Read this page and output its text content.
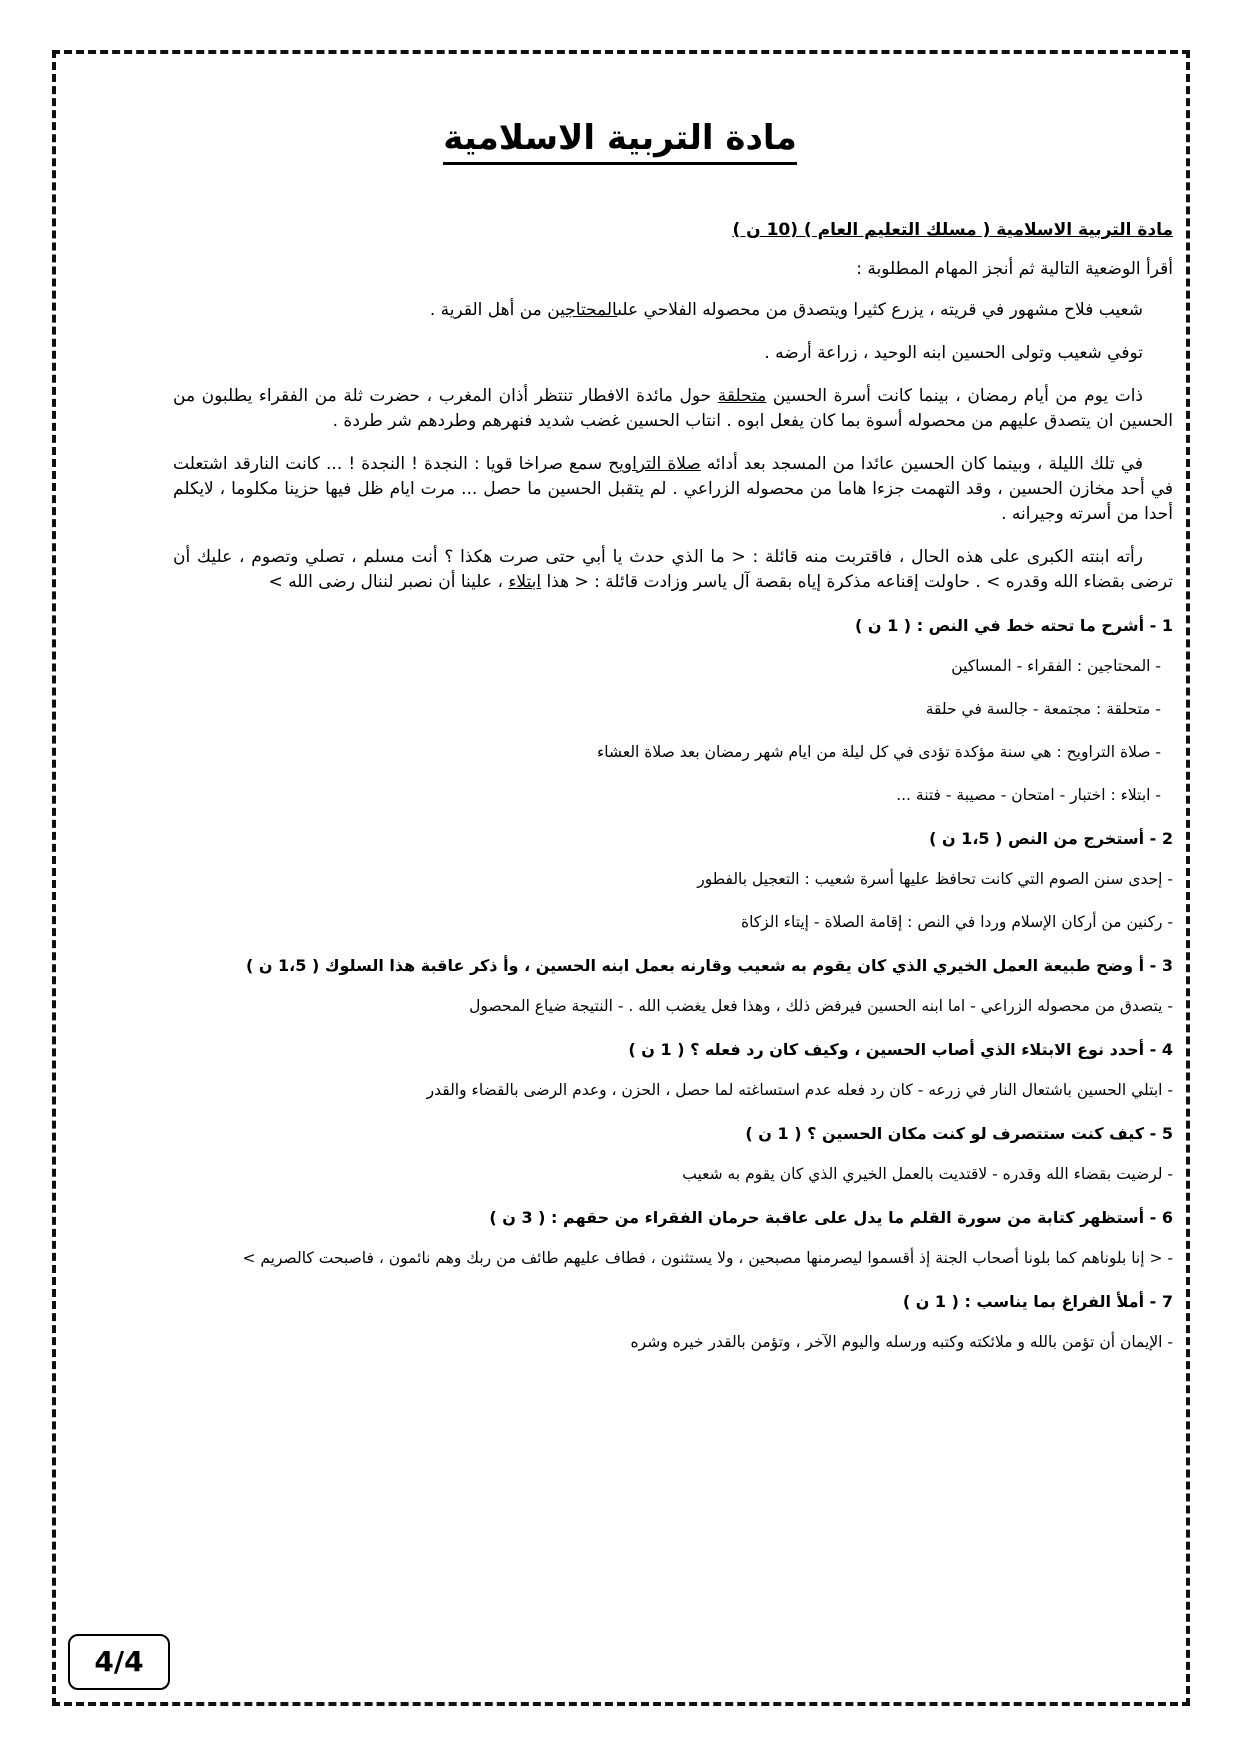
مادة التربية الاسلامية

مادة التربية الاسلامية ( مسلك التعليم العام ) (10 ن )

أقرأ الوضعية التالية ثم أنجز المهام المطلوبة :

شعيب فلاح مشهور في قريته ، يزرع كثيرا ويتصدق من محصوله الفلاحي علىالمحتاجين من أهل القرية .

توفي شعيب وتولى الحسين ابنه الوحيد ، زراعة أرضه .

ذات يوم من أيام رمضان ، بينما كانت أسرة الحسين متحلقة حول مائدة الافطار تنتظر أذان المغرب ، حضرت ثلة من الفقراء يطلبون من الحسين ان يتصدق عليهم من محصوله أسوة بما كان يفعل ابوه . انتاب الحسين غضب شديد فنهرهم وطردهم شر طردة .

في تلك الليلة ، وبينما كان الحسين عائدا من المسجد بعد أدائه صلاة التراويح سمع صراخا قويا : النجدة ! النجدة ! ... كانت النارقد اشتعلت في أحد مخازن الحسين ، وقد التهمت جزءا هاما من محصوله الزراعي . لم يتقبل الحسين ما حصل ... مرت ايام ظل فيها حزينا مكلوما ، لايكلم أحدا من أسرته وجيرانه .

رأته ابنته الكبرى على هذه الحال ، فاقتربت منه قائلة : < ما الذي حدث يا أبي حتى صرت هكذا ؟ أنت مسلم ، تصلي وتصوم ، عليك أن ترضى بقضاء الله وقدره > . حاولت إقناعه مذكرة إياه بقصة آل ياسر وزادت قائلة : < هذا ابتلاء ، علينا أن نصبر لننال رضى الله >

1 - أشرح ما تحته خط في النص : ( 1 ن )

- المحتاجين : الفقراء - المساكين

- متحلقة : مجتمعة - جالسة في حلقة

- صلاة التراويح : هي سنة مؤكدة تؤدى في كل ليلة من ايام شهر رمضان بعد صلاة العشاء

- ابتلاء : اختبار - امتحان - مصيبة - فتنة ...

2 - أستخرج من النص ( 1،5 ن )

- إحدى سنن الصوم التي كانت تحافظ عليها أسرة شعيب : التعجيل بالفطور

- ركنين من أركان الإسلام وردا في النص : إقامة الصلاة - إيتاء الزكاة

3 - أ وضح طبيعة العمل الخيري الذي كان يقوم به شعيب وقارنه بعمل ابنه الحسين ، وأ ذكر عاقبة هذا السلوك ( 1،5 ن )

- يتصدق من محصوله الزراعي - اما ابنه الحسين فيرفض ذلك ، وهذا فعل يغضب الله . - النتيجة ضياع المحصول

4 - أحدد نوع الابتلاء الذي أصاب الحسين ، وكيف كان رد فعله ؟ ( 1 ن )

- ابتلي الحسين باشتعال النار في زرعه - كان رد فعله عدم استساغته لما حصل ، الحزن ، وعدم الرضى بالقضاء والقدر

5 - كيف كنت ستتصرف لو كنت مكان الحسين ؟ ( 1 ن )

- لرضيت بقضاء الله وقدره - لاقتديت بالعمل الخيري الذي كان يقوم به شعيب

6 - أستظهر كتابة من سورة القلم ما يدل على عاقبة حرمان الفقراء من حقهم : ( 3 ن )

- < إنا بلوناهم كما بلونا أصحاب الجنة إذ أقسموا ليصرمنها مصبحين ، ولا يستثنون ، فطاف عليهم طائف من ربك وهم نائمون ، فاصبحت كالصريم >

7 - أملأ الفراغ بما يناسب : ( 1 ن )

- الإيمان أن تؤمن بالله و ملائكته وكتبه ورسله واليوم الآخر ، وتؤمن بالقدر خيره وشره

4/4
